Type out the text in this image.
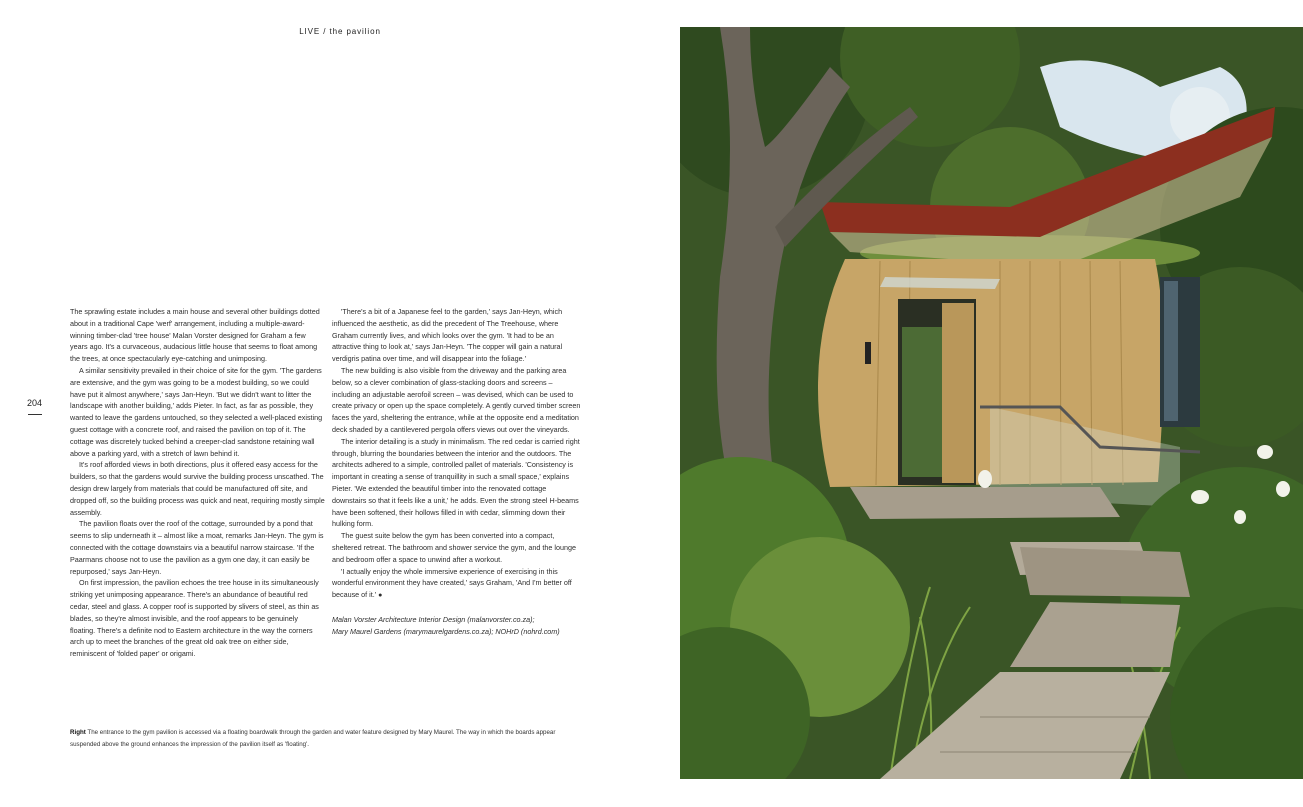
LIVE / the pavilion
204

The sprawling estate includes a main house and several other buildings dotted about in a traditional Cape 'werf' arrangement, including a multiple-award-winning timber-clad 'tree house' Malan Vorster designed for Graham a few years ago. It's a curvaceous, audacious little house that seems to float among the trees, at once spectacularly eye-catching and unimposing.

A similar sensitivity prevailed in their choice of site for the gym. 'The gardens are extensive, and the gym was going to be a modest building, so we could have put it almost anywhere,' says Jan-Heyn. 'But we didn't want to litter the landscape with another building,' adds Pieter. In fact, as far as possible, they wanted to leave the gardens untouched, so they selected a well-placed existing guest cottage with a concrete roof, and raised the pavilion on top of it. The cottage was discretely tucked behind a creeper-clad sandstone retaining wall above a parking yard, with a stretch of lawn behind it.

It's roof afforded views in both directions, plus it offered easy access for the builders, so that the gardens would survive the building process unscathed. The design drew largely from materials that could be manufactured off site, and dropped off, so the building process was quick and neat, requiring mostly simple assembly.

The pavilion floats over the roof of the cottage, surrounded by a pond that seems to slip underneath it – almost like a moat, remarks Jan-Heyn. The gym is connected with the cottage downstairs via a beautiful narrow staircase. 'If the Paarmans choose not to use the pavilion as a gym one day, it can easily be repurposed,' says Jan-Heyn.

On first impression, the pavilion echoes the tree house in its simultaneously striking yet unimposing appearance. There's an abundance of beautiful red cedar, steel and glass. A copper roof is supported by slivers of steel, as thin as blades, so they're almost invisible, and the roof appears to be genuinely floating. There's a definite nod to Eastern architecture in the way the corners arch up to meet the branches of the great old oak tree on either side, reminiscent of 'folded paper' or origami.

'There's a bit of a Japanese feel to the garden,' says Jan-Heyn, which influenced the aesthetic, as did the precedent of The Treehouse, where Graham currently lives, and which looks over the gym. 'It had to be an attractive thing to look at,' says Jan-Heyn. 'The copper will gain a natural verdigris patina over time, and will disappear into the foliage.'

The new building is also visible from the driveway and the parking area below, so a clever combination of glass-stacking doors and screens – including an adjustable aerofoil screen – was devised, which can be used to create privacy or open up the space completely. A gently curved timber screen faces the yard, sheltering the entrance, while at the opposite end a meditation deck shaded by a cantilevered pergola offers views out over the vineyards.

The interior detailing is a study in minimalism. The red cedar is carried right through, blurring the boundaries between the interior and the outdoors. The architects adhered to a simple, controlled pallet of materials. 'Consistency is important in creating a sense of tranquillity in such a small space,' explains Pieter. 'We extended the beautiful timber into the renovated cottage downstairs so that it feels like a unit,' he adds. Even the strong steel H-beams have been softened, their hollows filled in with cedar, slimming down their hulking form.

The guest suite below the gym has been converted into a compact, sheltered retreat. The bathroom and shower service the gym, and the lounge and bedroom offer a space to unwind after a workout.

'I actually enjoy the whole immersive experience of exercising in this wonderful environment they have created,' says Graham, 'And I'm better off because of it.' ●

Malan Vorster Architecture Interior Design (malanvorster.co.za);
Mary Maurel Gardens (marymaurelgardens.co.za); NOHrD (nohrd.com)
Right The entrance to the gym pavilion is accessed via a floating boardwalk through the garden and water feature designed by Mary Maurel. The way in which the boards appear suspended above the ground enhances the impression of the pavilion itself as 'floating'.
